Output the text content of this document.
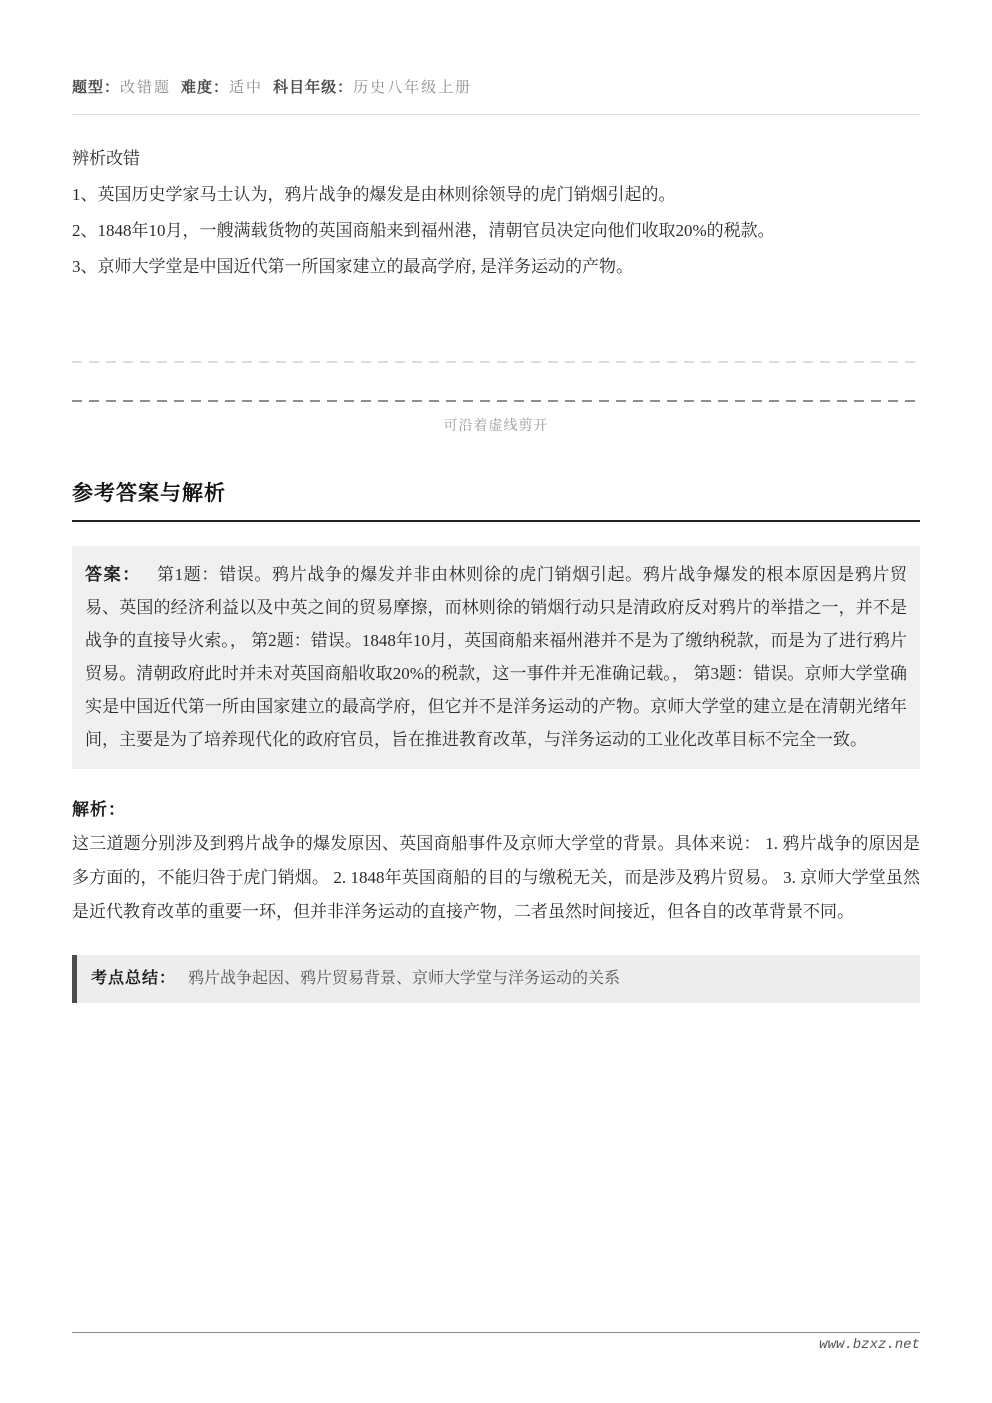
题型：改错题 难度：适中 科目年级：历史八年级上册

辨析改错

1、英国历史学家马士认为，鸦片战争的爆发是由林则徐领导的虎门销烟引起的。

2、1848年10月，一艘满载货物的英国商船来到福州港，清朝官员决定向他们收取20%的税款。

3、京师大学堂是中国近代第一所国家建立的最高学府, 是洋务运动的产物。

可沿着虚线剪开
参考答案与解析
答案： 第1题：错误。鸦片战争的爆发并非由林则徐的虎门销烟引起。鸦片战争爆发的根本原因是鸦片贸易、英国的经济利益以及中英之间的贸易摩擦，而林则徐的销烟行动只是清政府反对鸦片的举措之一，并不是战争的直接导火索。， 第2题：错误。1848年10月，英国商船来福州港并不是为了缴纳税款，而是为了进行鸦片贸易。清朝政府此时并未对英国商船收取20%的税款，这一事件并无准确记载。， 第3题：错误。京师大学堂确实是中国近代第一所由国家建立的最高学府，但它并不是洋务运动的产物。京师大学堂的建立是在清朝光绪年间，主要是为了培养现代化的政府官员，旨在推进教育改革，与洋务运动的工业化改革目标不完全一致。
解析：
这三道题分别涉及到鸦片战争的爆发原因、英国商船事件及京师大学堂的背景。具体来说： 1. 鸦片战争的原因是多方面的，不能归咎于虎门销烟。 2. 1848年英国商船的目的与缴税无关，而是涉及鸦片贸易。 3. 京师大学堂虽然是近代教育改革的重要一环，但并非洋务运动的直接产物，二者虽然时间接近，但各自的改革背景不同。
考点总结： 鸦片战争起因、鸦片贸易背景、京师大学堂与洋务运动的关系
www.bzxz.net
